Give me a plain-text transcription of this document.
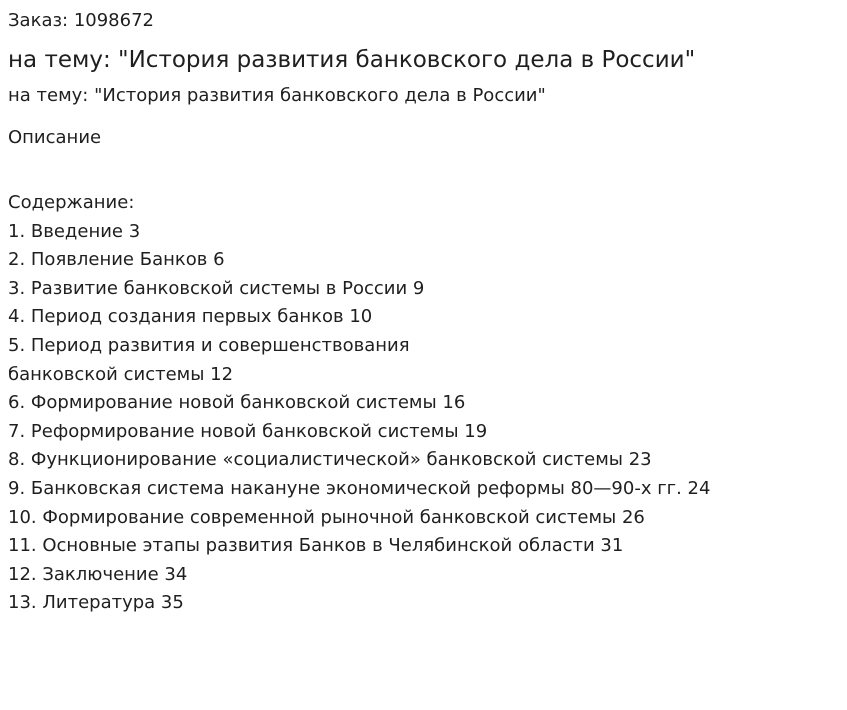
Заказ: 1098672

на тему: "История развития банковского дела в России"
на тему: "История развития банковского дела в России"
Описание
Содержание:
1. Введение 3
2. Появление Банков 6
3. Развитие банковской системы в России 9
4. Период создания первых банков 10
5. Период развития и совершенствования
банковской системы 12
6. Формирование новой банковской системы 16
7. Реформирование новой банковской системы 19
8. Функционирование «социалистической» банковской системы 23
9. Банковская система накануне экономической реформы 80—90-х гг. 24
10. Формирование современной рыночной банковской системы 26
11. Основные этапы развития Банков в Челябинской области 31
12. Заключение 34
13. Литература 35
